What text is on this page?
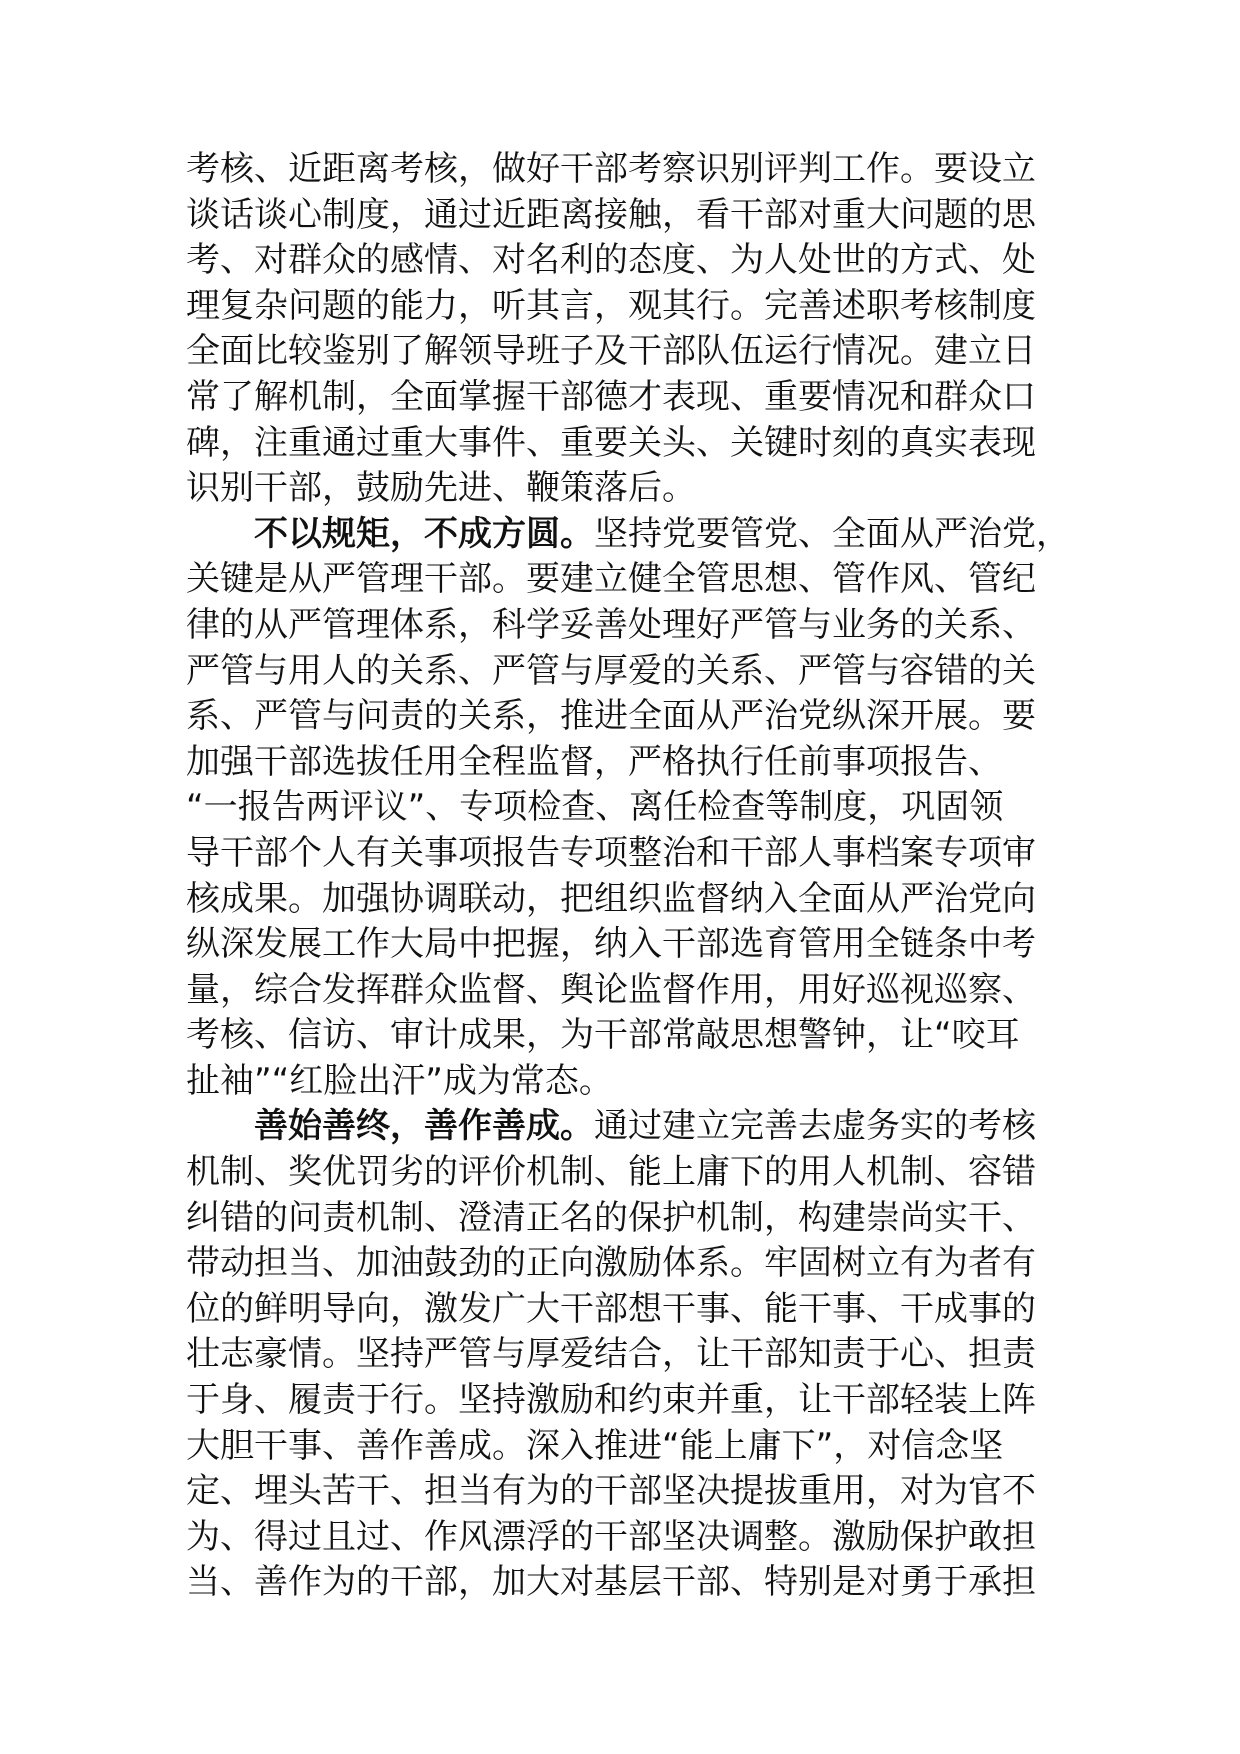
考核、近距离考核，做好干部考察识别评判工作。要设立
谈话谈心制度，通过近距离接触，看干部对重大问题的思
考、对群众的感情、对名利的态度、为人处世的方式、处
理复杂问题的能力，听其言，观其行。完善述职考核制度
全面比较鉴别了解领导班子及干部队伍运行情况。建立日
常了解机制，全面掌握干部德才表现、重要情况和群众口
碑，注重通过重大事件、重要关头、关键时刻的真实表现
识别干部，鼓励先进、鞭策落后。
不以规矩，不成方圆。坚持党要管党、全面从严治党，
关键是从严管理干部。要建立健全管思想、管作风、管纪
律的从严管理体系，科学妥善处理好严管与业务的关系、
严管与用人的关系、严管与厚爱的关系、严管与容错的关
系、严管与问责的关系，推进全面从严治党纵深开展。要
加强干部选拔任用全程监督，严格执行任前事项报告、
“一报告两评议”、专项检查、离任检查等制度，巩固领
导干部个人有关事项报告专项整治和干部人事档案专项审
核成果。加强协调联动，把组织监督纳入全面从严治党向
纵深发展工作大局中把握，纳入干部选育管用全链条中考
量，综合发挥群众监督、舆论监督作用，用好巡视巡察、
考核、信访、审计成果，为干部常敲思想警钟，让“咬耳
扯袖”“红脸出汗”成为常态。
善始善终，善作善成。通过建立完善去虚务实的考核
机制、奖优罚劣的评价机制、能上庸下的用人机制、容错
纠错的问责机制、澄清正名的保护机制，构建崇尚实干、
带动担当、加油鼓劲的正向激励体系。牢固树立有为者有
位的鲜明导向，激发广大干部想干事、能干事、干成事的
壮志豪情。坚持严管与厚爱结合，让干部知责于心、担责
于身、履责于行。坚持激励和约束并重，让干部轻装上阵
大胆干事、善作善成。深入推进“能上庸下”，对信念坚
定、埋头苦干、担当有为的干部坚决提拔重用，对为官不
为、得过且过、作风漂浮的干部坚决调整。激励保护敢担
当、善作为的干部，加大对基层干部、特别是对勇于承担
